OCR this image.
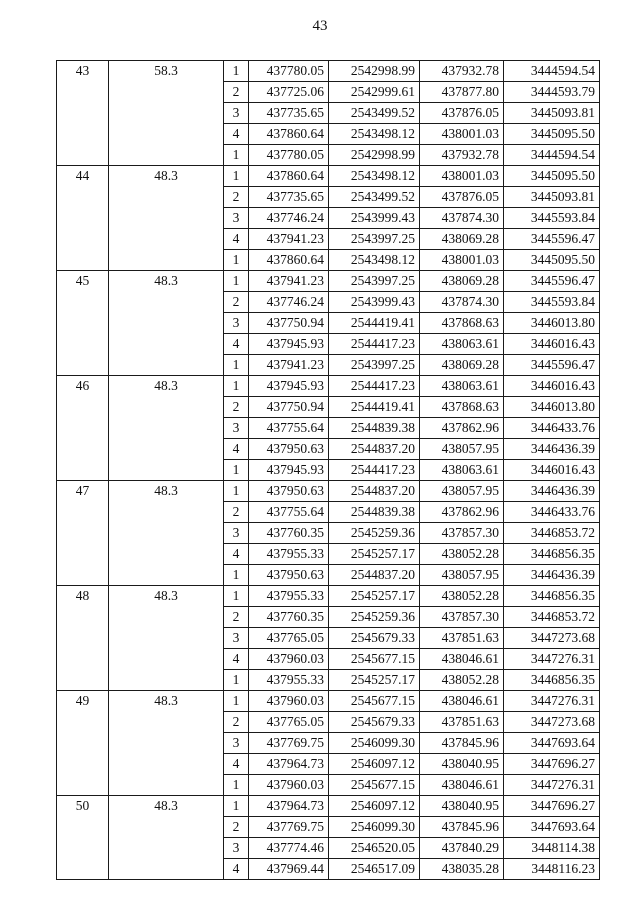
43
43	58.3	1	437780.05	2542998.99	437932.78	3444594.54
		2	437725.06	2542999.61	437877.80	3444593.79
		3	437735.65	2543499.52	437876.05	3445093.81
		4	437860.64	2543498.12	438001.03	3445095.50
		1	437780.05	2542998.99	437932.78	3444594.54
44	48.3	1	437860.64	2543498.12	438001.03	3445095.50
		2	437735.65	2543499.52	437876.05	3445093.81
		3	437746.24	2543999.43	437874.30	3445593.84
		4	437941.23	2543997.25	438069.28	3445596.47
		1	437860.64	2543498.12	438001.03	3445095.50
45	48.3	1	437941.23	2543997.25	438069.28	3445596.47
		2	437746.24	2543999.43	437874.30	3445593.84
		3	437750.94	2544419.41	437868.63	3446013.80
		4	437945.93	2544417.23	438063.61	3446016.43
		1	437941.23	2543997.25	438069.28	3445596.47
46	48.3	1	437945.93	2544417.23	438063.61	3446016.43
		2	437750.94	2544419.41	437868.63	3446013.80
		3	437755.64	2544839.38	437862.96	3446433.76
		4	437950.63	2544837.20	438057.95	3446436.39
		1	437945.93	2544417.23	438063.61	3446016.43
47	48.3	1	437950.63	2544837.20	438057.95	3446436.39
		2	437755.64	2544839.38	437862.96	3446433.76
		3	437760.35	2545259.36	437857.30	3446853.72
		4	437955.33	2545257.17	438052.28	3446856.35
		1	437950.63	2544837.20	438057.95	3446436.39
48	48.3	1	437955.33	2545257.17	438052.28	3446856.35
		2	437760.35	2545259.36	437857.30	3446853.72
		3	437765.05	2545679.33	437851.63	3447273.68
		4	437960.03	2545677.15	438046.61	3447276.31
		1	437955.33	2545257.17	438052.28	3446856.35
49	48.3	1	437960.03	2545677.15	438046.61	3447276.31
		2	437765.05	2545679.33	437851.63	3447273.68
		3	437769.75	2546099.30	437845.96	3447693.64
		4	437964.73	2546097.12	438040.95	3447696.27
		1	437960.03	2545677.15	438046.61	3447276.31
50	48.3	1	437964.73	2546097.12	438040.95	3447696.27
		2	437769.75	2546099.30	437845.96	3447693.64
		3	437774.46	2546520.05	437840.29	3448114.38
		4	437969.44	2546517.09	438035.28	3448116.23
